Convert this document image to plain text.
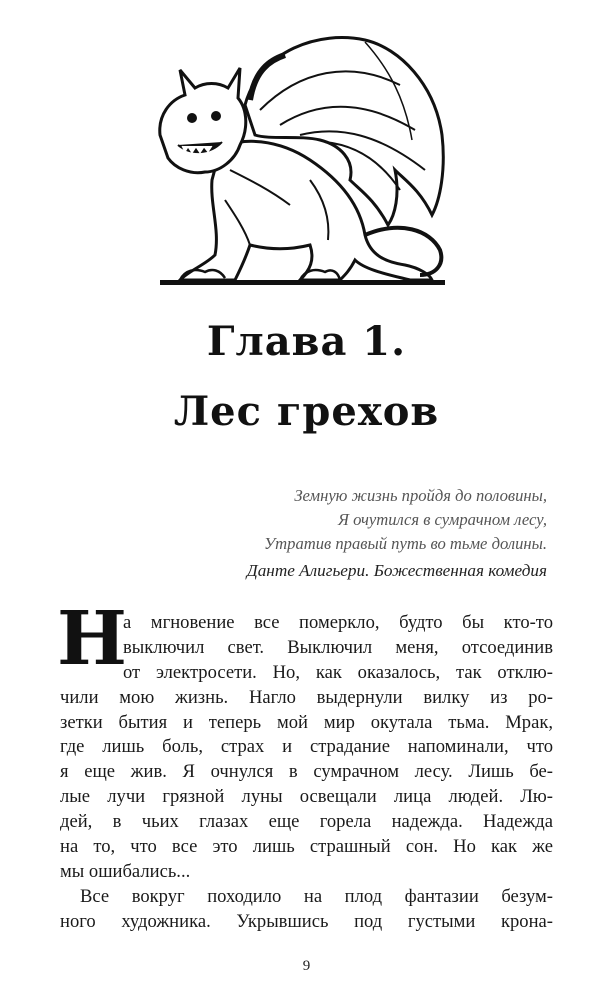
Глава 1.
Лес грехов
Земную жизнь пройдя до половины,
Я очутился в сумрачном лесу,
Утратив правый путь во тьме долины.
Данте Алигьери. Божественная комедия
Н
а мгновение все померкло, будто бы кто-то
выключил свет. Выключил меня, отсоединив
от электросети. Но, как оказалось, так отклю-
чили мою жизнь. Нагло выдернули вилку из ро-
зетки бытия и теперь мой мир окутала тьма. Мрак,
где лишь боль, страх и страдание напоминали, что
я еще жив. Я очнулся в сумрачном лесу. Лишь бе-
лые лучи грязной луны освещали лица людей. Лю-
дей, в чьих глазах еще горела надежда. Надежда
на то, что все это лишь страшный сон. Но как же
мы ошибались...
Все вокруг походило на плод фантазии безум-
ного художника. Укрывшись под густыми крона-
9
